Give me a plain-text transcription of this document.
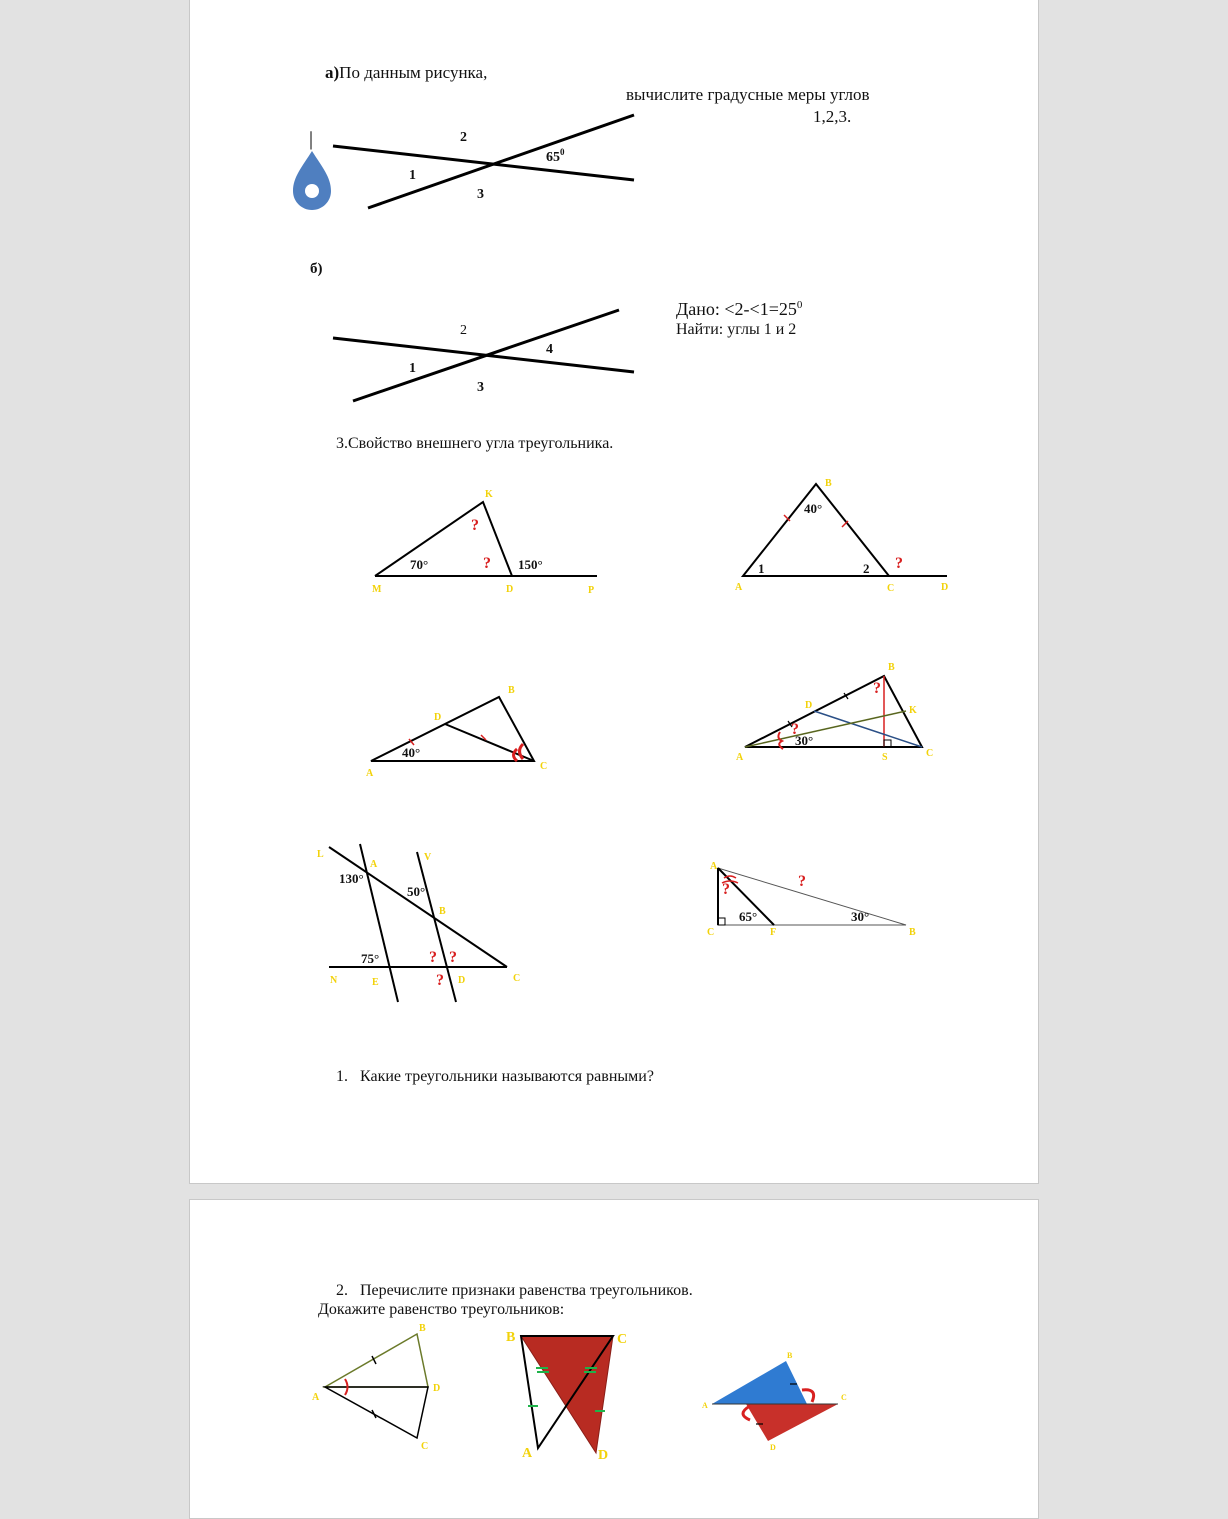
а)По данным рисунка,
вычислите градусные меры углов
1,2,3.
2
1
3
$65^0$
|
б)
Дано: $<2-<1=25^0$
Найти: углы 1 и 2
2
1
3
4
3.Свойство внешнего угла треугольника.
K
M	D	P
70°	150°
?
?
B
A	C	D
40°
1	2 ?
B
D
A
C
40°
B
D	K
A	S	C
30°
?
?
L
A
V
B
N	E	D	C
130°
50°
75°	? ?
?
A
C	F	B
65°	30°
?	?
1. Какие треугольники называются равными?
2. Перечислите признаки равенства треугольников.
Докажите равенство треугольников:
B
A
D
C
B	C
A	D
B
A
C
D
